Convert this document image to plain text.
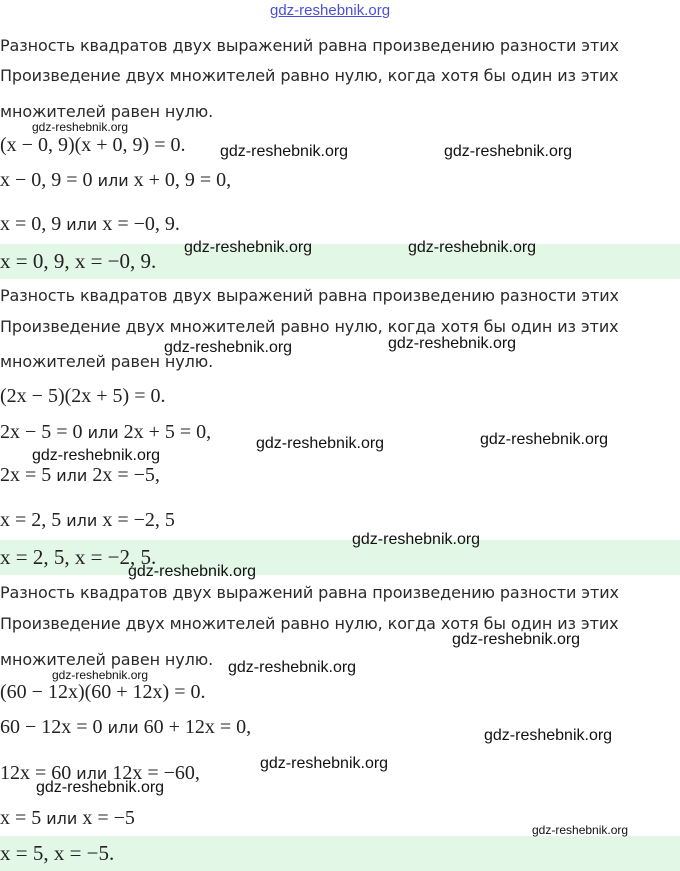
gdz-reshebnik.org
Разность квадратов двух выражений равна произведению разности этих
Произведение двух множителей равно нулю, когда хотя бы один из этих
множителей равен нулю.
(x − 0, 9)(x + 0, 9) = 0.
x − 0, 9 = 0 или x + 0, 9 = 0,
x = 0, 9 или x = −0, 9.
x = 0, 9, x = −0, 9.
Разность квадратов двух выражений равна произведению разности этих
Произведение двух множителей равно нулю, когда хотя бы один из этих
множителей равен нулю.
(2x − 5)(2x + 5) = 0.
2x − 5 = 0 или 2x + 5 = 0,
2x = 5 или 2x = −5,
x = 2, 5 или x = −2, 5
x = 2, 5, x = −2, 5.
Разность квадратов двух выражений равна произведению разности этих
Произведение двух множителей равно нулю, когда хотя бы один из этих
множителей равен нулю.
(60 − 12x)(60 + 12x) = 0.
60 − 12x = 0 или 60 + 12x = 0,
12x = 60 или 12x = −60,
x = 5 или x = −5
x = 5, x = −5.
gdz-reshebnik.org
gdz-reshebnik.org	gdz-reshebnik.org
gdz-reshebnik.org	gdz-reshebnik.org
gdz-reshebnik.org	gdz-reshebnik.org
gdz-reshebnik.org	gdz-reshebnik.org
gdz-reshebnik.org
gdz-reshebnik.org
gdz-reshebnik.org
gdz-reshebnik.org
gdz-reshebnik.org
gdz-reshebnik.org
gdz-reshebnik.org
gdz-reshebnik.org
gdz-reshebnik.org
gdz-reshebnik.org
